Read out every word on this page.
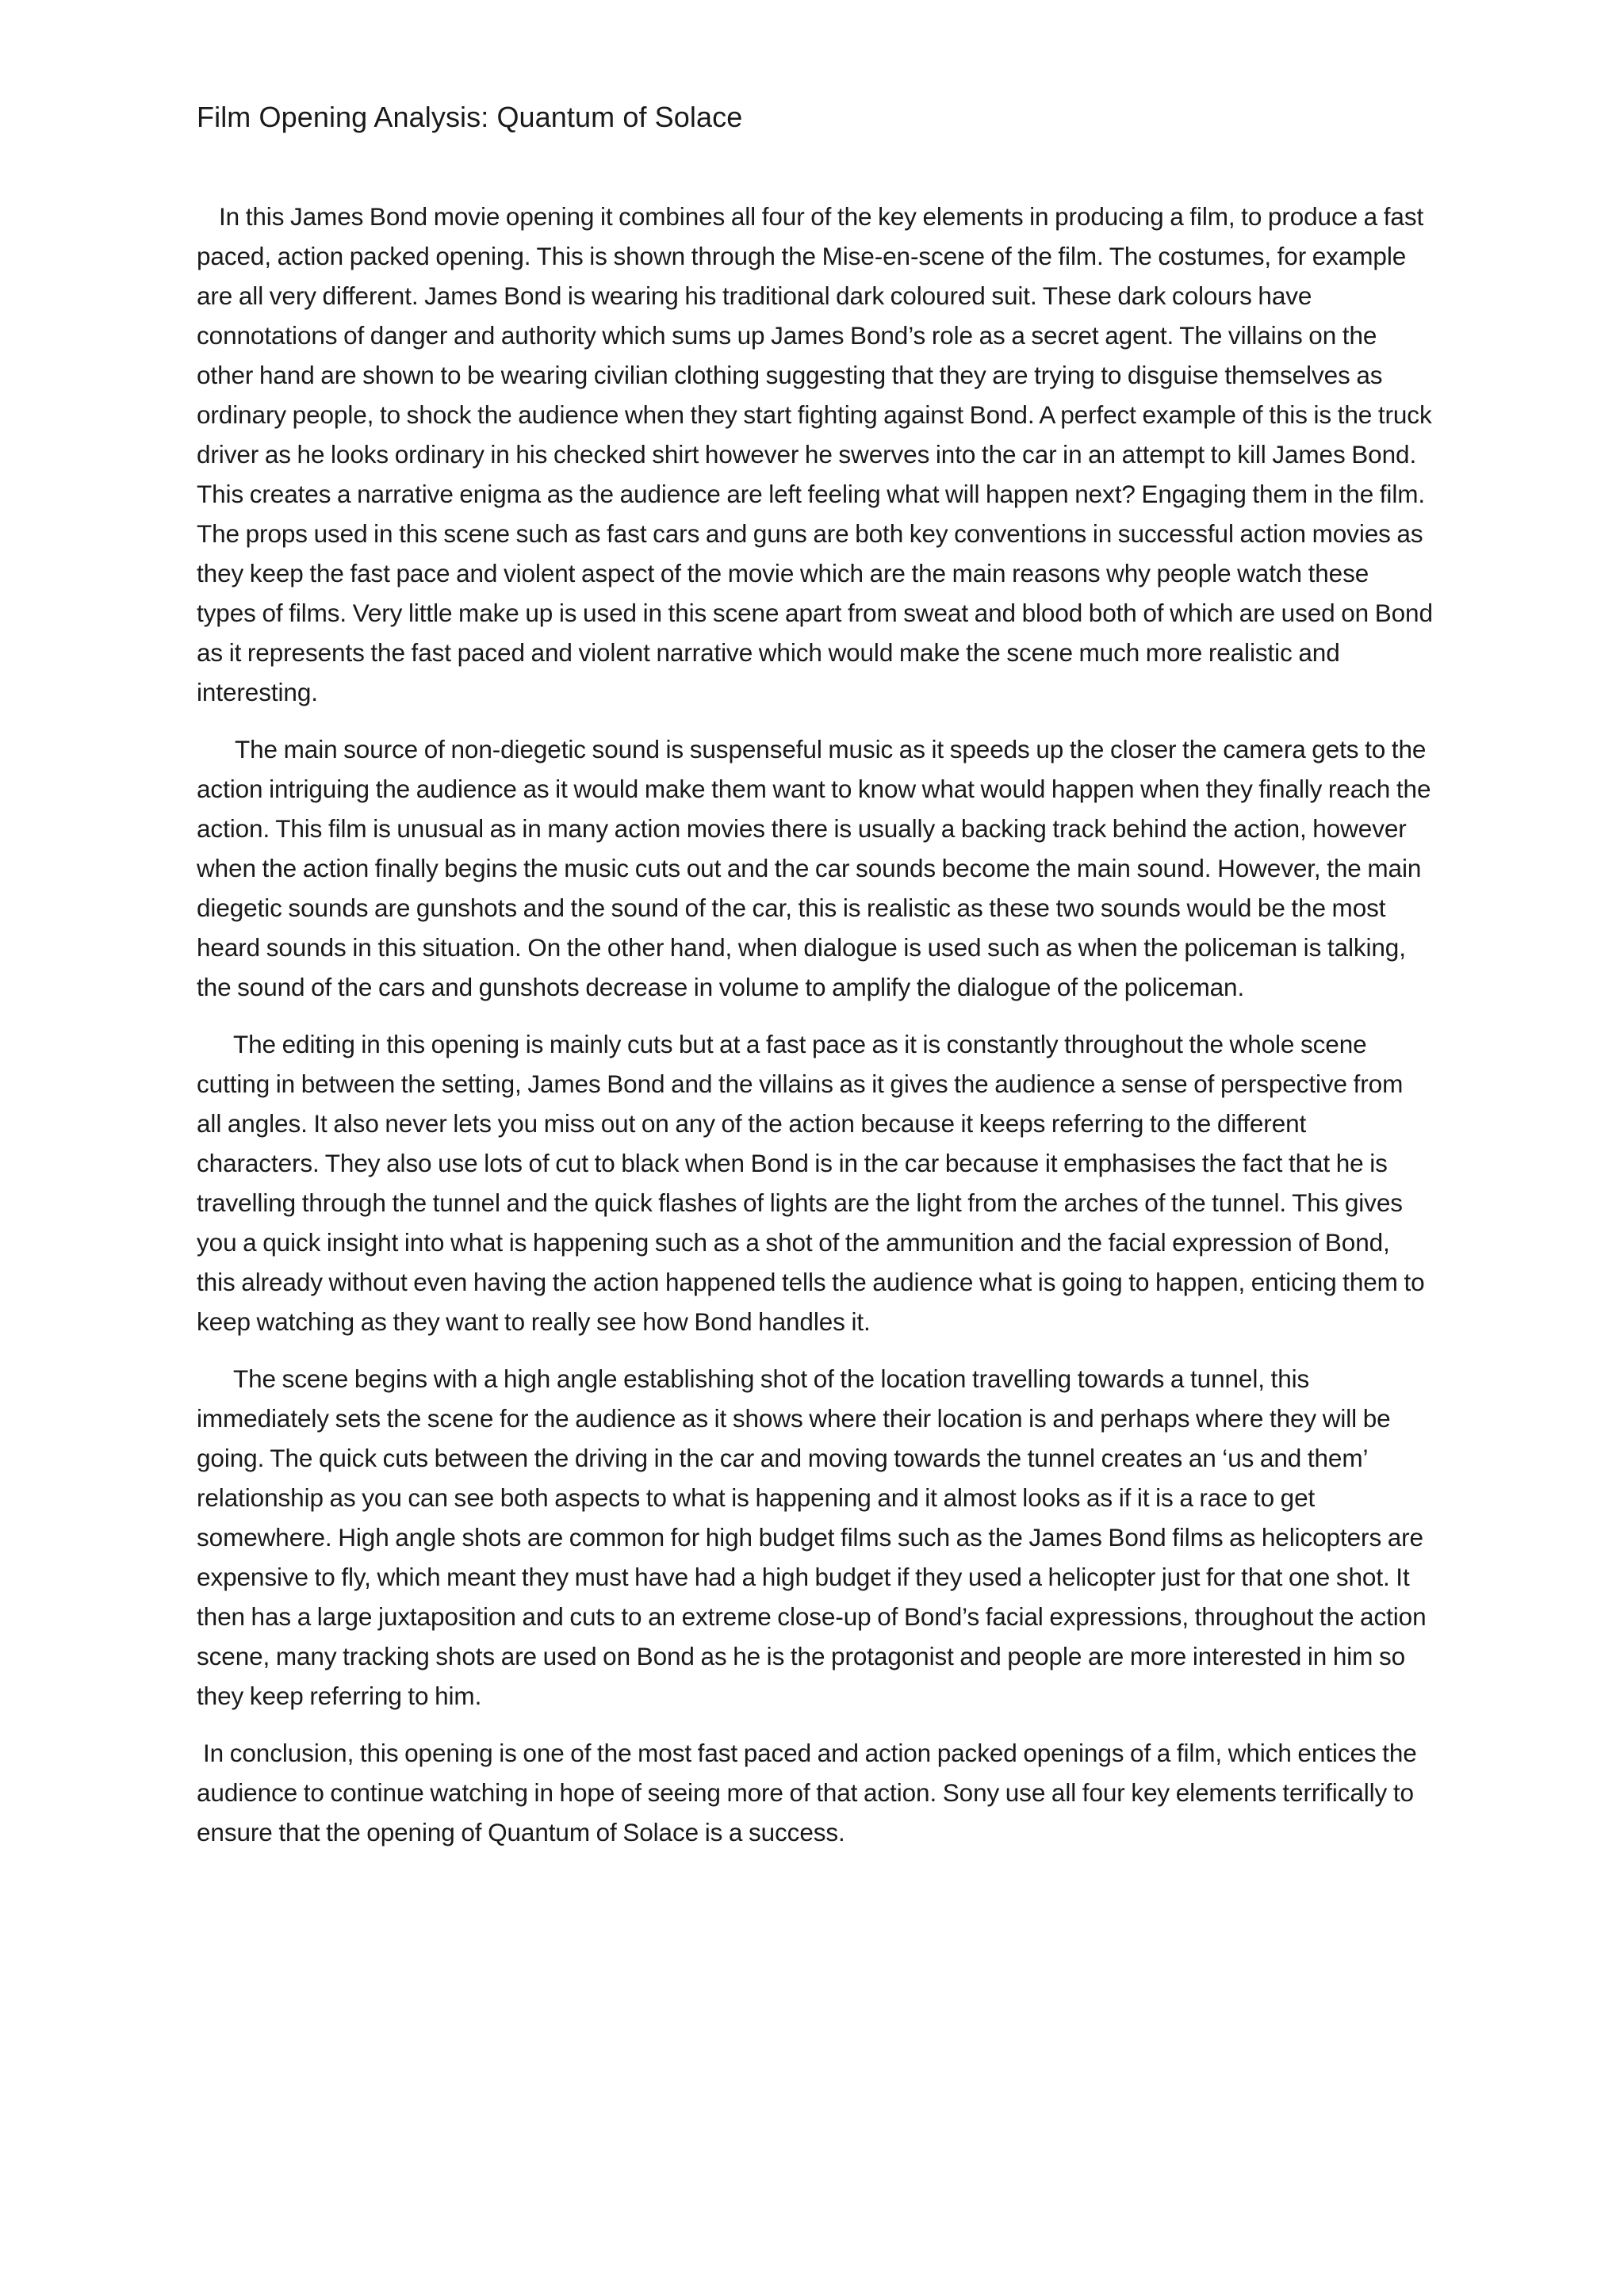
Film Opening Analysis: Quantum of Solace

In this James Bond movie opening it combines all four of the key elements in producing a film, to produce a fast paced, action packed opening. This is shown through the Mise-en-scene of the film. The costumes, for example are all very different. James Bond is wearing his traditional dark coloured suit. These dark colours have connotations of danger and authority which sums up James Bond’s role as a secret agent. The villains on the other hand are shown to be wearing civilian clothing suggesting that they are trying to disguise themselves as ordinary people, to shock the audience when they start fighting against Bond. A perfect example of this is the truck driver as he looks ordinary in his checked shirt however he swerves into the car in an attempt to kill James Bond. This creates a narrative enigma as the audience are left feeling what will happen next? Engaging them in the film. The props used in this scene such as fast cars and guns are both key conventions in successful action movies as they keep the fast pace and violent aspect of the movie which are the main reasons why people watch these types of films. Very little make up is used in this scene apart from sweat and blood both of which are used on Bond as it represents the fast paced and violent narrative which would make the scene much more realistic and interesting.

The main source of non-diegetic sound is suspenseful music as it speeds up the closer the camera gets to the action intriguing the audience as it would make them want to know what would happen when they finally reach the action. This film is unusual as in many action movies there is usually a backing track behind the action, however when the action finally begins the music cuts out and the car sounds become the main sound. However, the main diegetic sounds are gunshots and the sound of the car, this is realistic as these two sounds would be the most heard sounds in this situation. On the other hand, when dialogue is used such as when the policeman is talking, the sound of the cars and gunshots decrease in volume to amplify the dialogue of the policeman.

The editing in this opening is mainly cuts but at a fast pace as it is constantly throughout the whole scene cutting in between the setting, James Bond and the villains as it gives the audience a sense of perspective from all angles. It also never lets you miss out on any of the action because it keeps referring to the different characters. They also use lots of cut to black when Bond is in the car because it emphasises the fact that he is travelling through the tunnel and the quick flashes of lights are the light from the arches of the tunnel. This gives you a quick insight into what is happening such as a shot of the ammunition and the facial expression of Bond, this already without even having the action happened tells the audience what is going to happen, enticing them to keep watching as they want to really see how Bond handles it.

The scene begins with a high angle establishing shot of the location travelling towards a tunnel, this immediately sets the scene for the audience as it shows where their location is and perhaps where they will be going. The quick cuts between the driving in the car and moving towards the tunnel creates an ‘us and them’ relationship as you can see both aspects to what is happening and it almost looks as if it is a race to get somewhere. High angle shots are common for high budget films such as the James Bond films as helicopters are expensive to fly, which meant they must have had a high budget if they used a helicopter just for that one shot. It then has a large juxtaposition and cuts to an extreme close-up of Bond’s facial expressions, throughout the action scene, many tracking shots are used on Bond as he is the protagonist and people are more interested in him so they keep referring to him.

In conclusion, this opening is one of the most fast paced and action packed openings of a film, which entices the audience to continue watching in hope of seeing more of that action. Sony use all four key elements terrifically to ensure that the opening of Quantum of Solace is a success.
